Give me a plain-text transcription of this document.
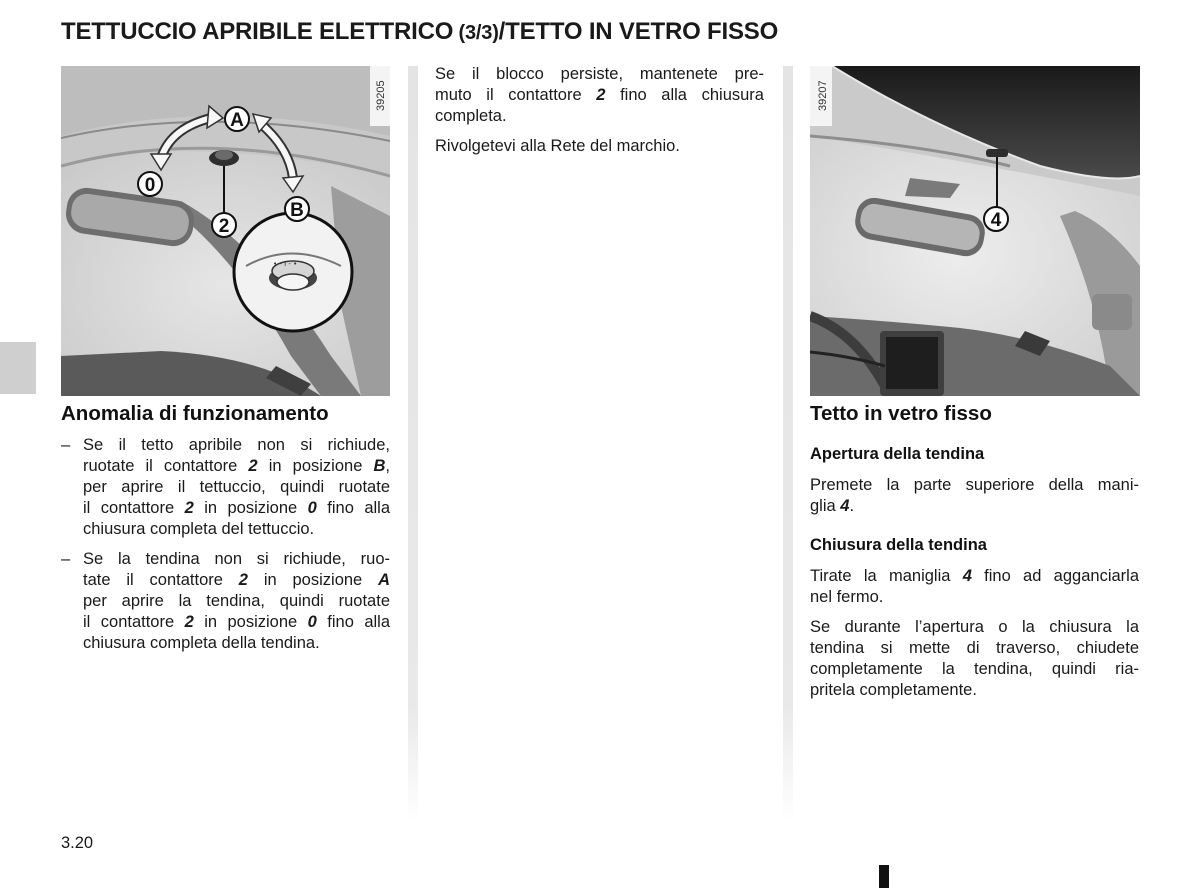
TETTUCCIO APRIBILE ELETTRICO (3/3)/TETTO IN VETRO FISSO
• - I - •
A
0
2
B
39205
4
39207
Anomalia di funzionamento
– Se il tetto apribile non si richiude,
ruotate il contattore 2 in posizione B,
per aprire il tettuccio, quindi ruotate
il contattore 2 in posizione 0 fino alla
chiusura completa del tettuccio.
– Se la tendina non si richiude, ruo-
tate il contattore 2 in posizione A
per aprire la tendina, quindi ruotate
il contattore 2 in posizione 0 fino alla
chiusura completa della tendina.
Se il blocco persiste, mantenete pre-
muto il contattore 2 fino alla chiusura
completa.
Rivolgetevi alla Rete del marchio.
Tetto in vetro fisso
Apertura della tendina
Premete la parte superiore della mani-
glia 4.
Chiusura della tendina
Tirate la maniglia 4 fino ad agganciarla
nel fermo.
Se durante l’apertura o la chiusura la
tendina si mette di traverso, chiudete
completamente la tendina, quindi ria-
pritela completamente.
3.20
